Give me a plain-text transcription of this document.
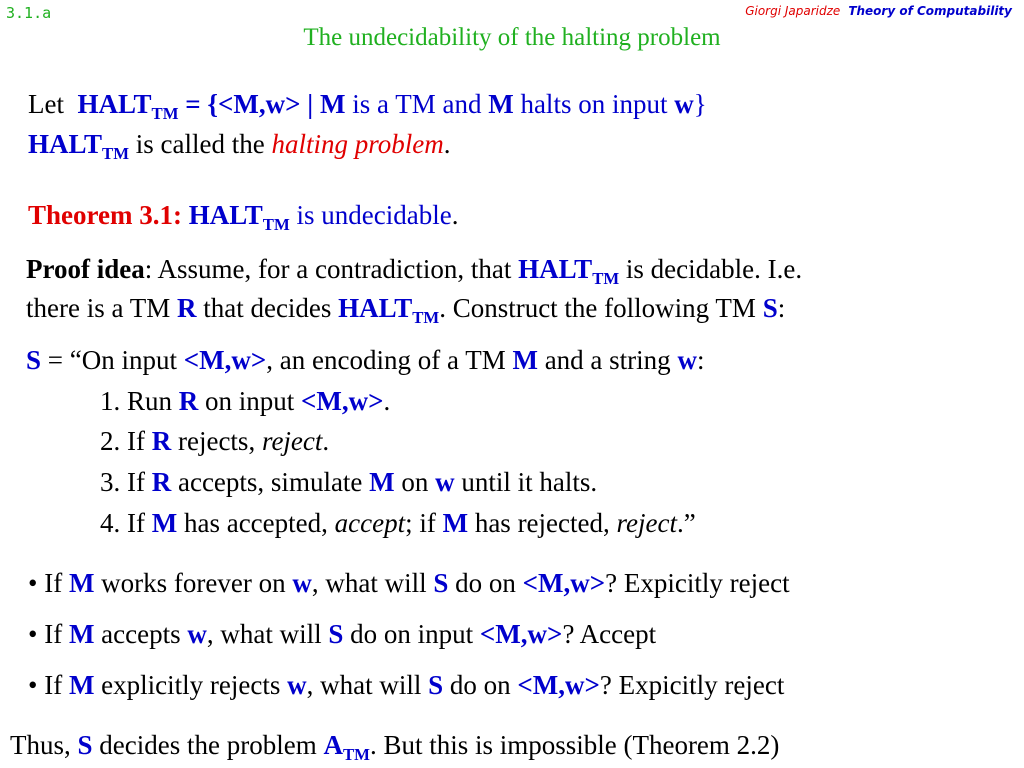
3.1.a	Giorgi Japaridze Theory of Computability
The undecidability of the halting problem
Let $HALT_{TM} = \{<M,w>$ | M is a TM and M halts on input w}
$HALT_{TM}$ is called the halting problem.
Theorem 3.1: $HALT_{TM}$ is undecidable.
Proof idea: Assume, for a contradiction, that $HALT_{TM}$ is decidable. I.e.
there is a TM R that decides $HALT_{TM}$. Construct the following TM S:
S = “On input <M,w>, an encoding of a TM M and a string w:
1. Run R on input <M,w>.
2. If R rejects, reject.
3. If R accepts, simulate M on w until it halts.
4. If M has accepted, accept; if M has rejected, reject.”
• If M works forever on w, what will S do on <M,w>? Expicitly reject
• If M accepts w, what will S do on input <M,w>? Accept
• If M explicitly rejects w, what will S do on <M,w>? Expicitly reject
Thus, S decides the problem $A_{TM}$. But this is impossible (Theorem 2.2)
